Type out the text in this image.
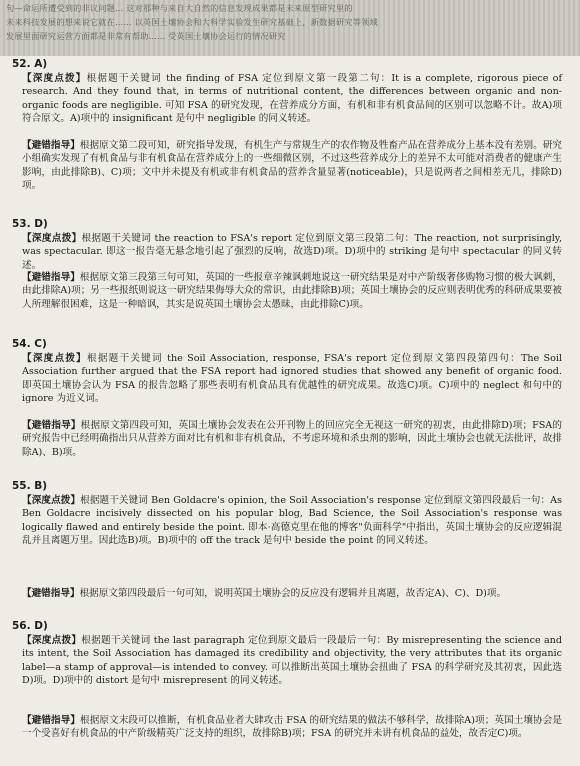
句—命运所遭受到的非议问题… 这对那种与来自大自然的信息发现成果都是未来原型研究里的
未来科技发展的想来说它就在…… 以英国土壤协会和大科学实验发生研究基础上，新数据研究等领域
发展里面研究运营方面都是非常有帮助…… 受英国土壤协会运行的情况研究
52. A)
【深度点拨】根据题干关键词 the finding of FSA 定位到原文第一段第二句：It is a complete, rigorous piece of research. And they found that, in terms of nutritional content, the differences between organic and non-organic foods are negligible. 可知 FSA 的研究发现，在营养成分方面，有机和非有机食品间的区别可以忽略不计。故A)项符合原文。A)项中的 insignificant 是句中 negligible 的同义转述。
【避错指导】根据原文第二段可知，研究指导发现，有机生产与常规生产的农作物及牲畜产品在营养成分上基本没有差别。研究小组确实发现了有机食品与非有机食品在营养成分上的一些细微区别，不过这些营养成分上的差异不太可能对消费者的健康产生影响，由此排除B)、C)项；文中并未提及有机或非有机食品的营养含量显著(noticeable)，只是说两者之间相差无几，排除D)项。
53. D)
【深度点拨】根据题干关键词 the reaction to FSA's report 定位到原文第三段第二句：The reaction, not surprisingly, was spectacular. 即这一报告毫无悬念地引起了强烈的反响，故选D)项。D)项中的 striking 是句中 spectacular 的同义转述。
【避错指导】根据原文第三段第三句可知，英国的一些报章辛辣讽刺地说这一研究结果是对中产阶级奢侈购物习惯的极大讽刺，由此排除A)项；另一些报纸则说这一研究结果侮辱大众的常识，由此排除B)项；英国土壤协会的反应则表明优秀的科研成果要被人所理解很困难，这是一种暗讽，其实是说英国土壤协会太愚昧，由此排除C)项。
54. C)
【深度点拨】根据题干关键词 the Soil Association, response, FSA's report 定位到原文第四段第四句：The Soil Association further argued that the FSA report had ignored studies that showed any benefit of organic food. 即英国土壤协会认为 FSA 的报告忽略了那些表明有机食品具有优越性的研究成果。故选C)项。C)项中的 neglect 和句中的 ignore 为近义词。
【避错指导】根据原文第四段可知，英国土壤协会发表在公开刊物上的回应完全无视这一研究的初衷，由此排除D)项；FSA的研究报告中已经明确指出只从营养方面对比有机和非有机食品，不考虑环境和杀虫剂的影响，因此土壤协会也就无法批评，故排除A)、B)项。
55. B)
【深度点拨】根据题干关键词 Ben Goldacre's opinion, the Soil Association's response 定位到原文第四段最后一句：As Ben Goldacre incisively dissected on his popular blog, Bad Science, the Soil Association's response was logically flawed and entirely beside the point. 即本·高德克里在他的博客"负面科学"中指出，英国土壤协会的反应逻辑混乱并且离题万里。因此选B)项。B)项中的 off the track 是句中 beside the point 的同义转述。
【避错指导】根据原文第四段最后一句可知，说明英国土壤协会的反应没有逻辑并且离题，故否定A)、C)、D)项。
56. D)
【深度点拨】根据题干关键词 the last paragraph 定位到原文最后一段最后一句：By misrepresenting the science and its intent, the Soil Association has damaged its credibility and objectivity, the very attributes that its organic label—a stamp of approval—is intended to convey. 可以推断出英国土壤协会扭曲了 FSA 的科学研究及其初衷，因此选D)项。D)项中的 distort 是句中 misrepresent 的同义转述。
【避错指导】根据原文末段可以推断，有机食品业者大肆攻击 FSA 的研究结果的做法不够科学，故排除A)项；英国土壤协会是一个受喜好有机食品的中产阶级精英广泛支持的组织，故排除B)项；FSA 的研究并未讲有机食品的益处，故否定C)项。
